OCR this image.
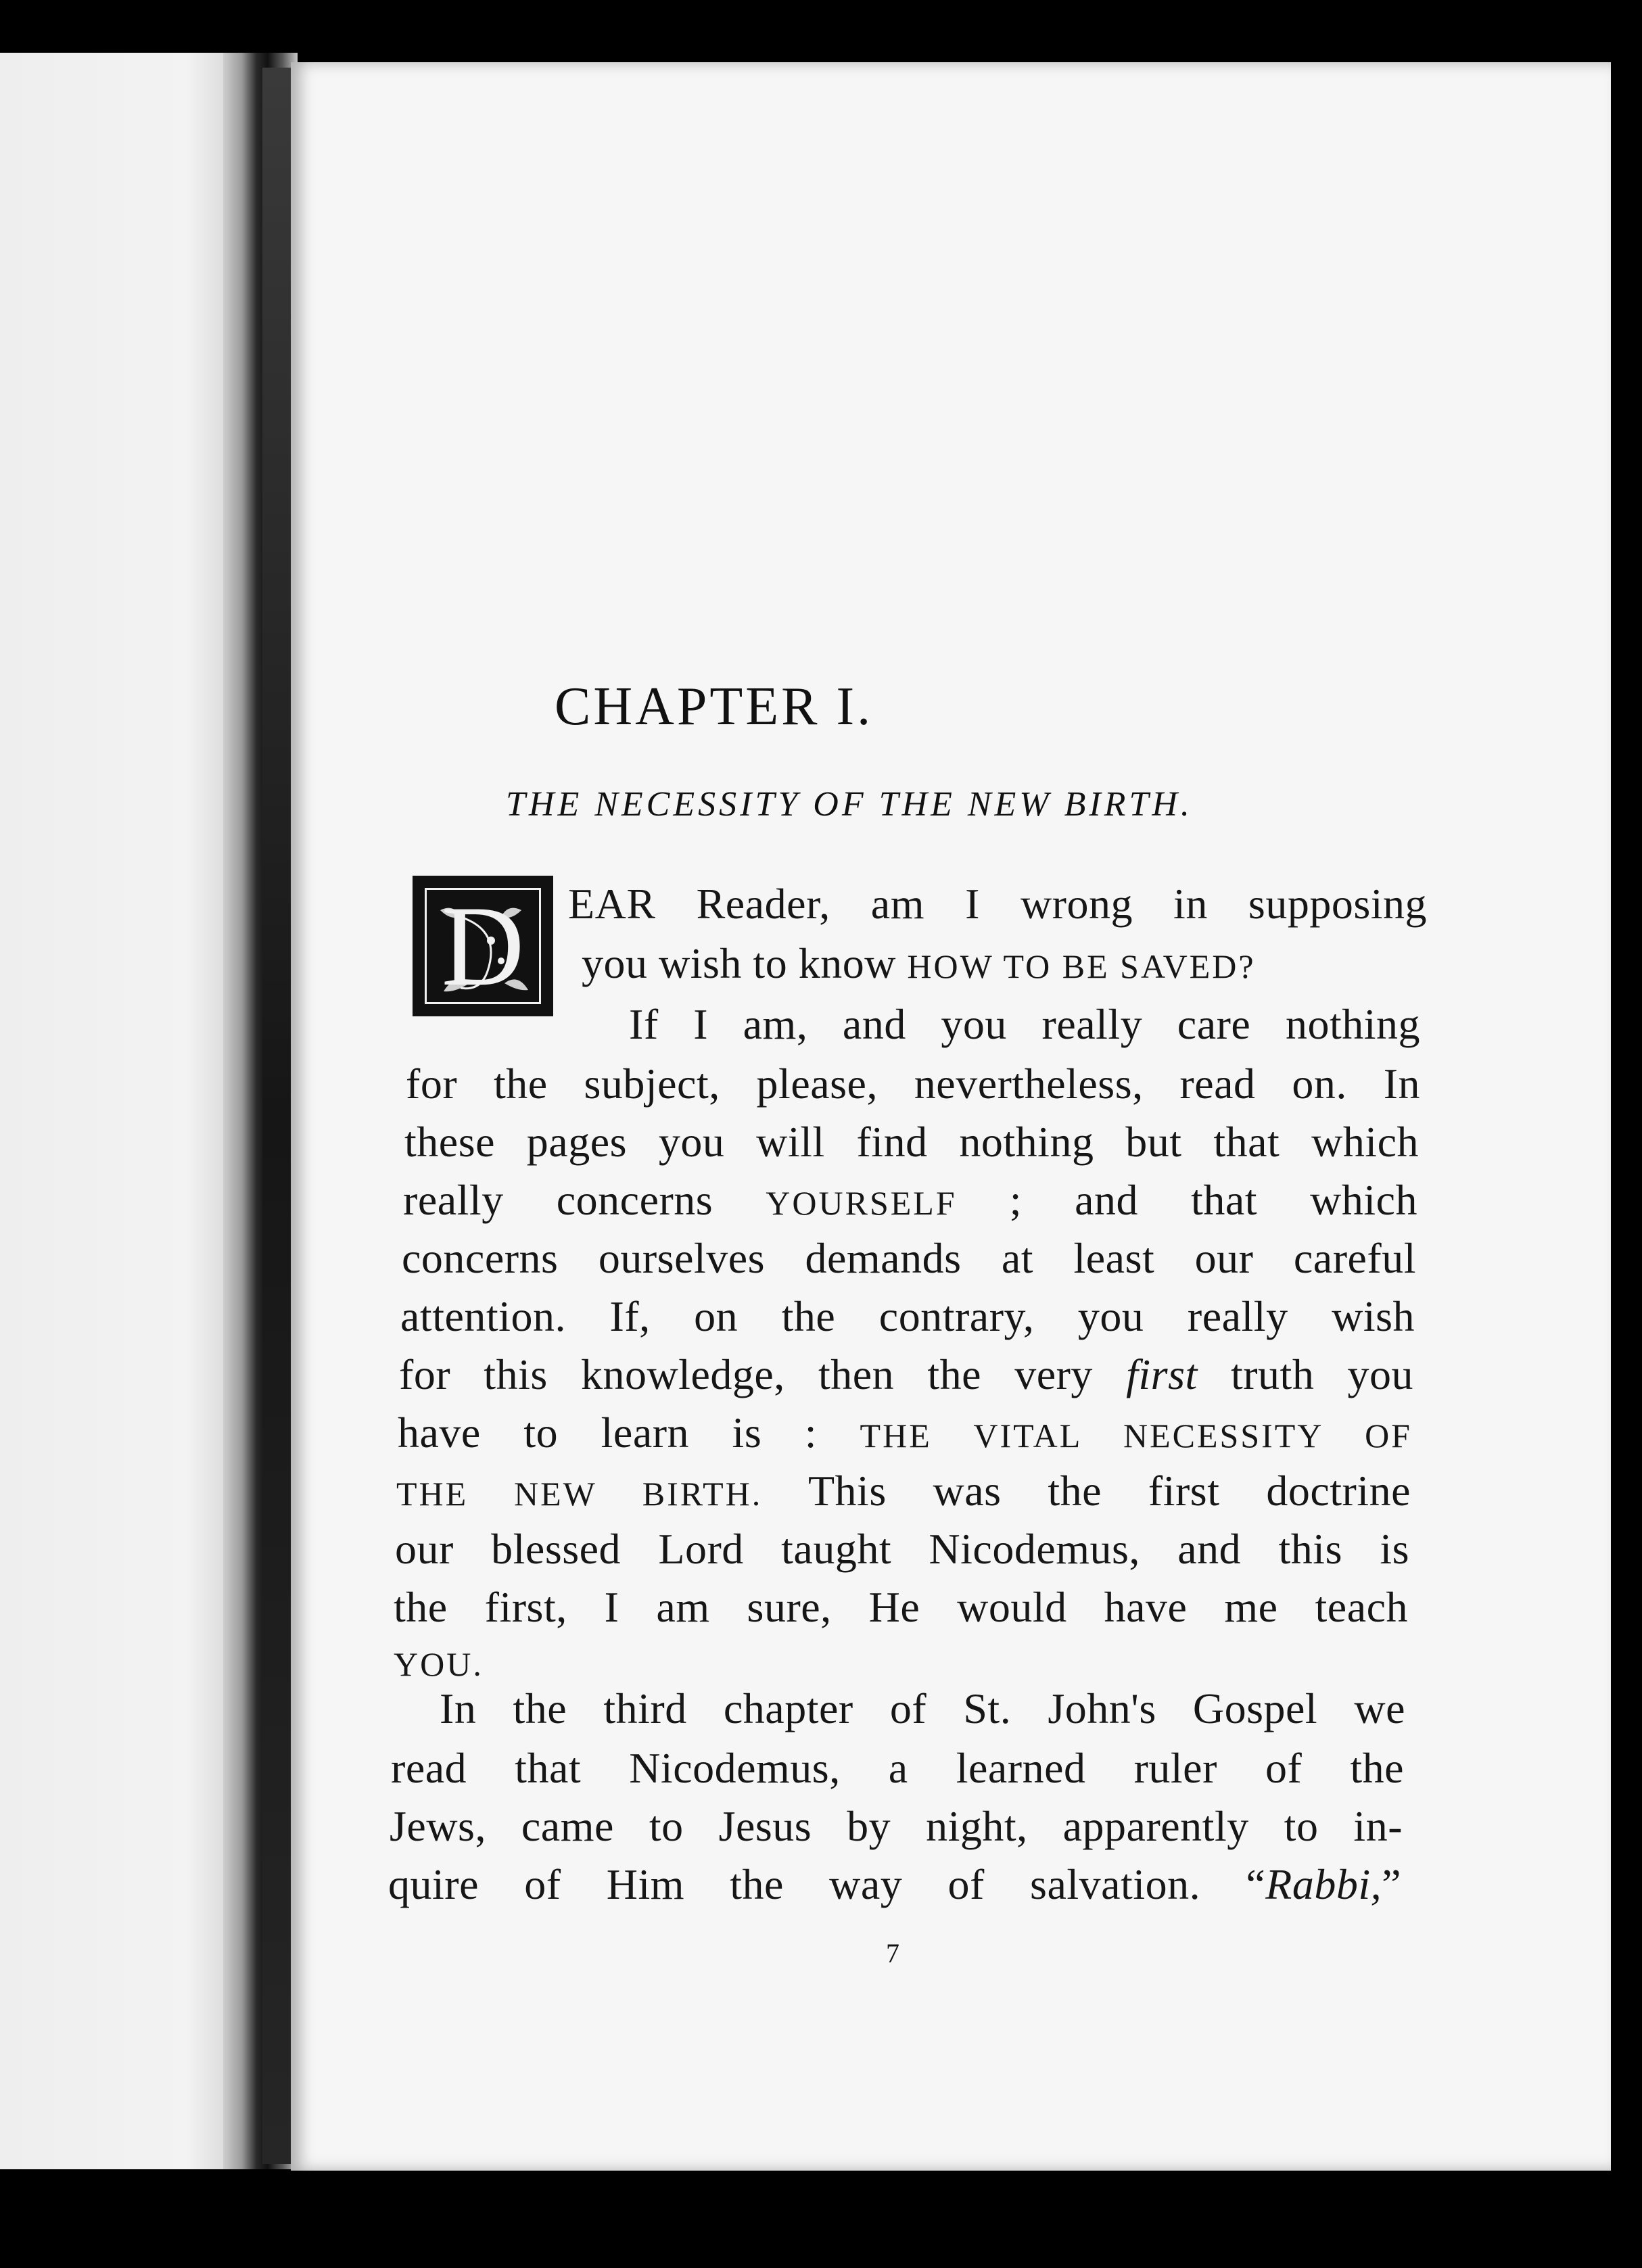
CHAPTER I.
THE NECESSITY OF THE NEW BIRTH.
D EAR Reader, am I wrong in supposing
you wish to know HOW TO BE SAVED?
If I am, and you really care nothing
for the subject, please, nevertheless, read on. In
these pages you will find nothing but that which
really concerns YOURSELF ; and that which
concerns ourselves demands at least our careful
attention. If, on the contrary, you really wish
for this knowledge, then the very first truth you
have to learn is : THE VITAL NECESSITY OF
THE NEW BIRTH. This was the first doctrine
our blessed Lord taught Nicodemus, and this is
the first, I am sure, He would have me teach
YOU.
In the third chapter of St. John's Gospel we
read that Nicodemus, a learned ruler of the
Jews, came to Jesus by night, apparently to in-
quire of Him the way of salvation. “Rabbi,”
7
